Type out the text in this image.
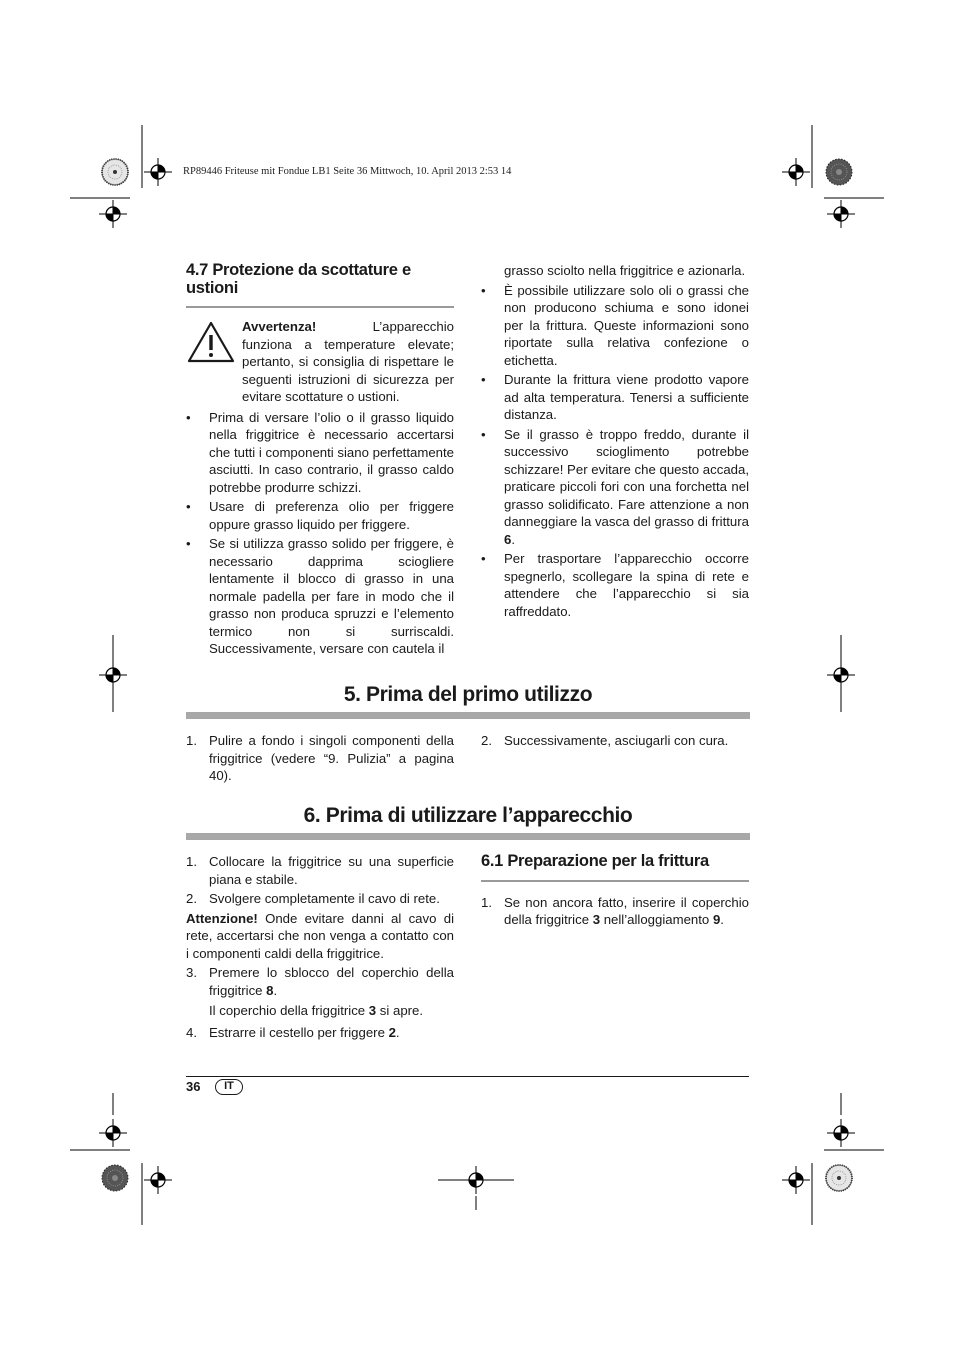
RP89446 Friteuse mit Fondue LB1 Seite 36 Mittwoch, 10. April 2013 2:53 14
4.7 Protezione da scottature e ustioni

Avvertenza! L’apparecchio funziona a temperature elevate; pertanto, si consiglia di rispettare le seguenti istruzioni di sicurezza per evitare scottature o ustioni.

• Prima di versare l’olio o il grasso liquido nella friggitrice è necessario accertarsi che tutti i componenti siano perfettamente asciutti. In caso contrario, il grasso caldo potrebbe produrre schizzi.
• Usare di preferenza olio per friggere oppure grasso liquido per friggere.
• Se si utilizza grasso solido per friggere, è necessario dapprima sciogliere lentamente il blocco di grasso in una normale padella per fare in modo che il grasso non produca spruzzi e l’elemento termico non si surriscaldi. Successivamente, versare con cautela il

grasso sciolto nella friggitrice e azionarla.

• È possibile utilizzare solo oli o grassi che non producono schiuma e sono idonei per la frittura. Queste informazioni sono riportate sulla relativa confezione o etichetta.
• Durante la frittura viene prodotto vapore ad alta temperatura. Tenersi a sufficiente distanza.
• Se il grasso è troppo freddo, durante il successivo scioglimento potrebbe schizzare! Per evitare che questo accada, praticare piccoli fori con una forchetta nel grasso solidificato. Fare attenzione a non danneggiare la vasca del grasso di frittura 6.
• Per trasportare l’apparecchio occorre spegnerlo, scollegare la spina di rete e attendere che l’apparecchio si sia raffreddato.
5. Prima del primo utilizzo
1. Pulire a fondo i singoli componenti della friggitrice (vedere “9. Pulizia” a pagina 40).
2. Successivamente, asciugarli con cura.
6. Prima di utilizzare l’apparecchio
1. Collocare la friggitrice su una superficie piana e stabile.
2. Svolgere completamente il cavo di rete.

Attenzione! Onde evitare danni al cavo di rete, accertarsi che non venga a contatto con i componenti caldi della friggitrice.

3. Premere lo sblocco del coperchio della friggitrice 8.

Il coperchio della friggitrice 3 si apre.

4. Estrarre il cestello per friggere 2.
6.1 Preparazione per la frittura
1. Se non ancora fatto, inserire il coperchio della friggitrice 3 nell’alloggiamento 9.
36	IT
